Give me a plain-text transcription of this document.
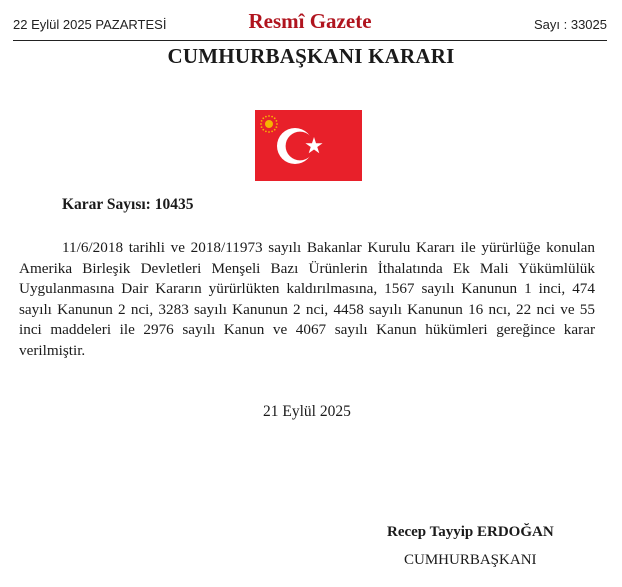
22 Eylül 2025 PAZARTESİ	Resmî Gazete	Sayı : 33025
CUMHURBAŞKANI KARARI
Karar Sayısı: 10435
11/6/2018 tarihli ve 2018/11973 sayılı Bakanlar Kurulu Kararı ile yürürlüğe konulan Amerika Birleşik Devletleri Menşeli Bazı Ürünlerin İthalatında Ek Mali Yükümlülük Uygulanmasına Dair Kararın yürürlükten kaldırılmasına, 1567 sayılı Kanunun 1 inci, 474 sayılı Kanunun 2 nci, 3283 sayılı Kanunun 2 nci, 4458 sayılı Kanunun 16 ncı, 22 nci ve 55 inci maddeleri ile 2976 sayılı Kanun ve 4067 sayılı Kanun hükümleri gereğince karar verilmiştir.
21 Eylül 2025
Recep Tayyip ERDOĞAN
CUMHURBAŞKANI
